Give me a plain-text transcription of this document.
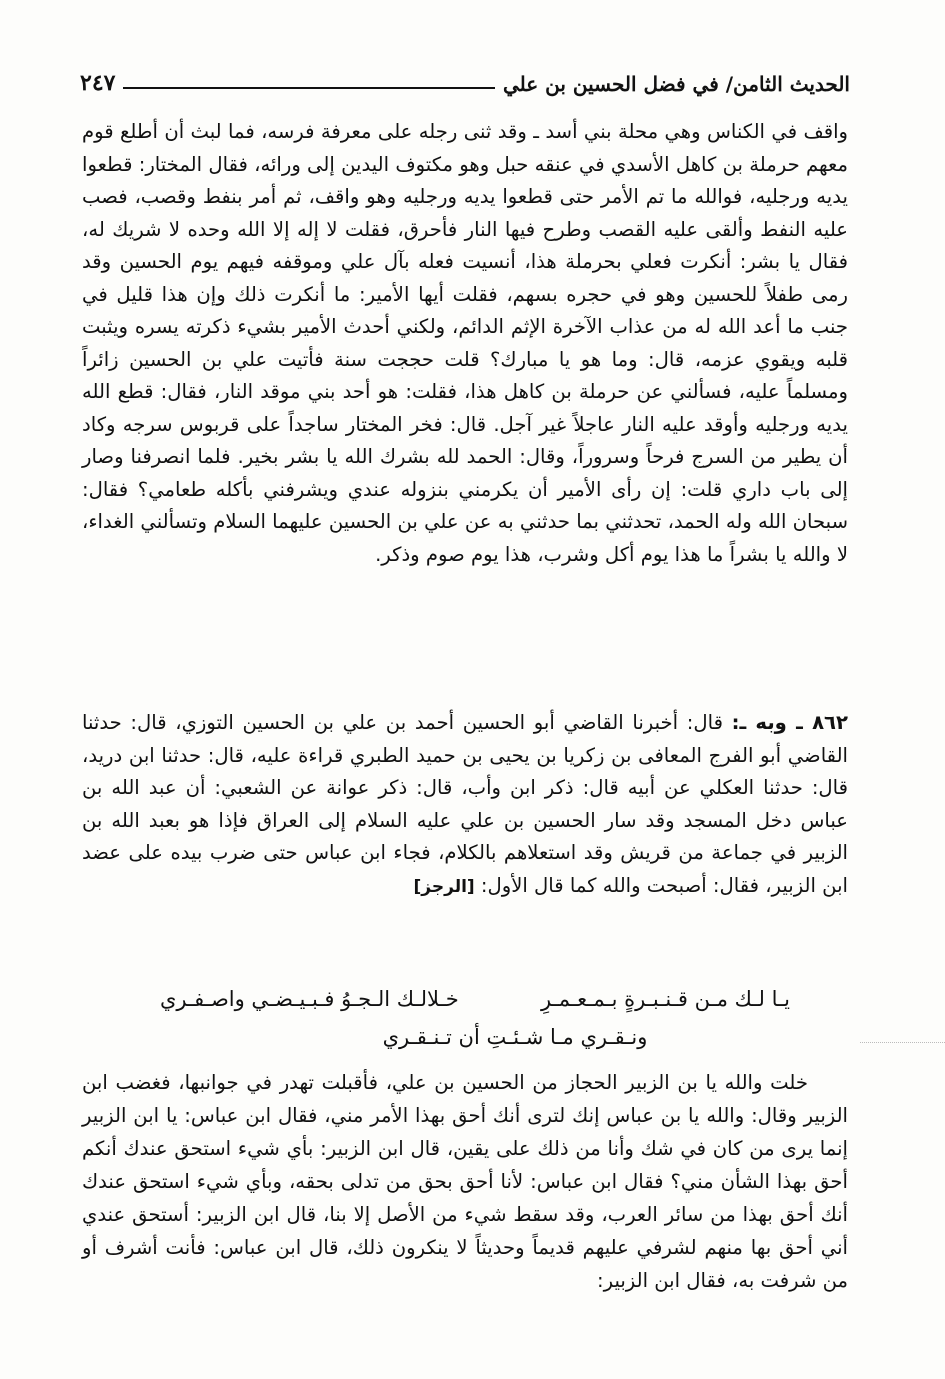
الحديث الثامن/ في فضل الحسين بن علي
٢٤٧

واقف في الكناس وهي محلة بني أسد ـ وقد ثنى رجله على معرفة فرسه، فما لبث أن أطلع قوم معهم حرملة بن كاهل الأسدي في عنقه حبل وهو مكتوف اليدين إلى ورائه، فقال المختار: قطعوا يديه ورجليه، فوالله ما تم الأمر حتى قطعوا يديه ورجليه وهو واقف، ثم أمر بنفط وقصب، فصب عليه النفط وألقى عليه القصب وطرح فيها النار فأحرق، فقلت لا إله إلا الله وحده لا شريك له، فقال يا بشر: أنكرت فعلي بحرملة هذا، أنسيت فعله بآل علي وموقفه فيهم يوم الحسين وقد رمى طفلاً للحسين وهو في حجره بسهم، فقلت أيها الأمير: ما أنكرت ذلك وإن هذا قليل في جنب ما أعد الله له من عذاب الآخرة الإثم الدائم، ولكني أحدث الأمير بشيء ذكرته يسره ويثبت قلبه ويقوي عزمه، قال: وما هو يا مبارك؟ قلت حججت سنة فأتيت علي بن الحسين زائراً ومسلماً عليه، فسألني عن حرملة بن كاهل هذا، فقلت: هو أحد بني موقد النار، فقال: قطع الله يديه ورجليه وأوقد عليه النار عاجلاً غير آجل. قال: فخر المختار ساجداً على قربوس سرجه وكاد أن يطير من السرج فرحاً وسروراً، وقال: الحمد لله بشرك الله يا بشر بخير. فلما انصرفنا وصار إلى باب داري قلت: إن رأى الأمير أن يكرمني بنزوله عندي ويشرفني بأكله طعامي؟ فقال: سبحان الله وله الحمد، تحدثني بما حدثني به عن علي بن الحسين عليهما السلام وتسألني الغداء، لا والله يا بشراً ما هذا يوم أكل وشرب، هذا يوم صوم وذكر.

٨٦٢ ـ وبه ـ: قال: أخبرنا القاضي أبو الحسين أحمد بن علي بن الحسين التوزي، قال: حدثنا القاضي أبو الفرج المعافى بن زكريا بن يحيى بن حميد الطبري قراءة عليه، قال: حدثنا ابن دريد، قال: حدثنا العكلي عن أبيه قال: ذكر ابن وأب، قال: ذكر عوانة عن الشعبي: أن عبد الله بن عباس دخل المسجد وقد سار الحسين بن علي عليه السلام إلى العراق فإذا هو بعبد الله بن الزبير في جماعة من قريش وقد استعلاهم بالكلام، فجاء ابن عباس حتى ضرب بيده على عضد ابن الزبير، فقال: أصبحت والله كما قال الأول: [الرجز]

يـا لـك مـن قـنـبـرةٍ بـمـعـمـرِ
خـلالـك الـجـوُ فـبـيـضـي واصـفـري
ونـقـري مـا شـئـتِ أن تـنـقـري

خلت والله يا بن الزبير الحجاز من الحسين بن علي، فأقبلت تهدر في جوانبها، فغضب ابن الزبير وقال: والله يا بن عباس إنك لترى أنك أحق بهذا الأمر مني، فقال ابن عباس: يا ابن الزبير إنما يرى من كان في شك وأنا من ذلك على يقين، قال ابن الزبير: بأي شيء استحق عندك أنكم أحق بهذا الشأن مني؟ فقال ابن عباس: لأنا أحق بحق من تدلى بحقه، وبأي شيء استحق عندك أنك أحق بهذا من سائر العرب، وقد سقط شيء من الأصل إلا بنا، قال ابن الزبير: أستحق عندي أني أحق بها منهم لشرفي عليهم قديماً وحديثاً لا ينكرون ذلك، قال ابن عباس: فأنت أشرف أو من شرفت به، فقال ابن الزبير:
